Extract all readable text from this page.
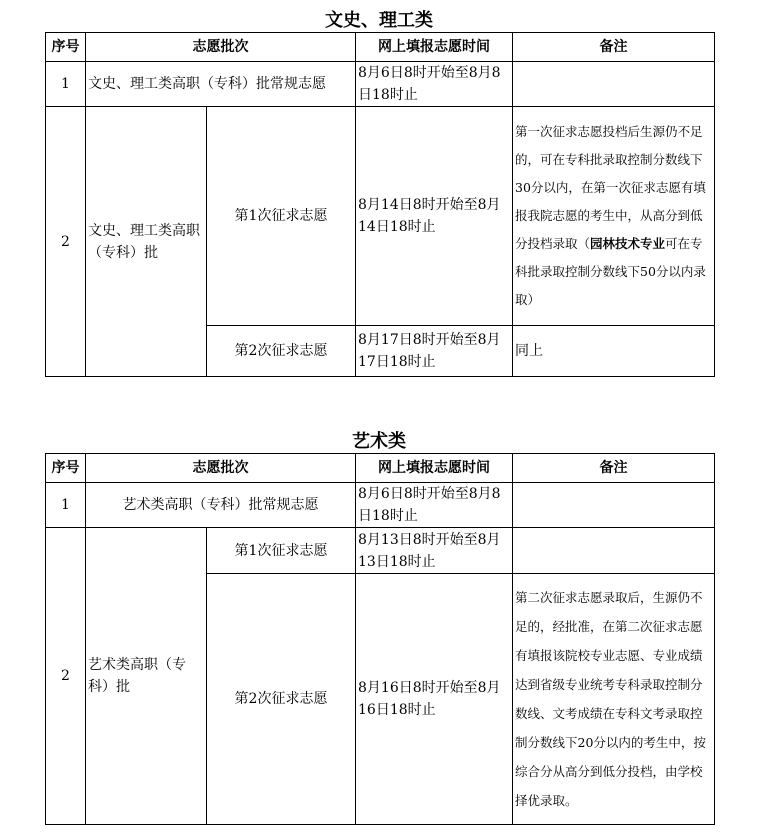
文史、理工类
序号	志愿批次		网上填报志愿时间	备注
1	文史、理工类高职（专科）批常规志愿		8月6日8时开始至8月8日18时止	
2	文史、理工类高职（专科）批	第1次征求志愿	8月14日8时开始至8月14日18时止	第一次征求志愿投档后生源仍不足的，可在专科批录取控制分数线下30分以内，在第一次征求志愿有填报我院志愿的考生中，从高分到低分投档录取（园林技术专业可在专科批录取控制分数线下50分以内录取）
		第2次征求志愿	8月17日8时开始至8月17日18时止	同上
艺术类
序号	志愿批次		网上填报志愿时间	备注
1	艺术类高职（专科）批常规志愿		8月6日8时开始至8月8日18时止	
2	艺术类高职（专科）批	第1次征求志愿	8月13日8时开始至8月13日18时止	
		第2次征求志愿	8月16日8时开始至8月16日18时止	第二次征求志愿录取后，生源仍不足的，经批准，在第二次征求志愿有填报该院校专业志愿、专业成绩达到省级专业统考专科录取控制分数线、文考成绩在专科文考录取控制分数线下20分以内的考生中，按综合分从高分到低分投档，由学校择优录取。
